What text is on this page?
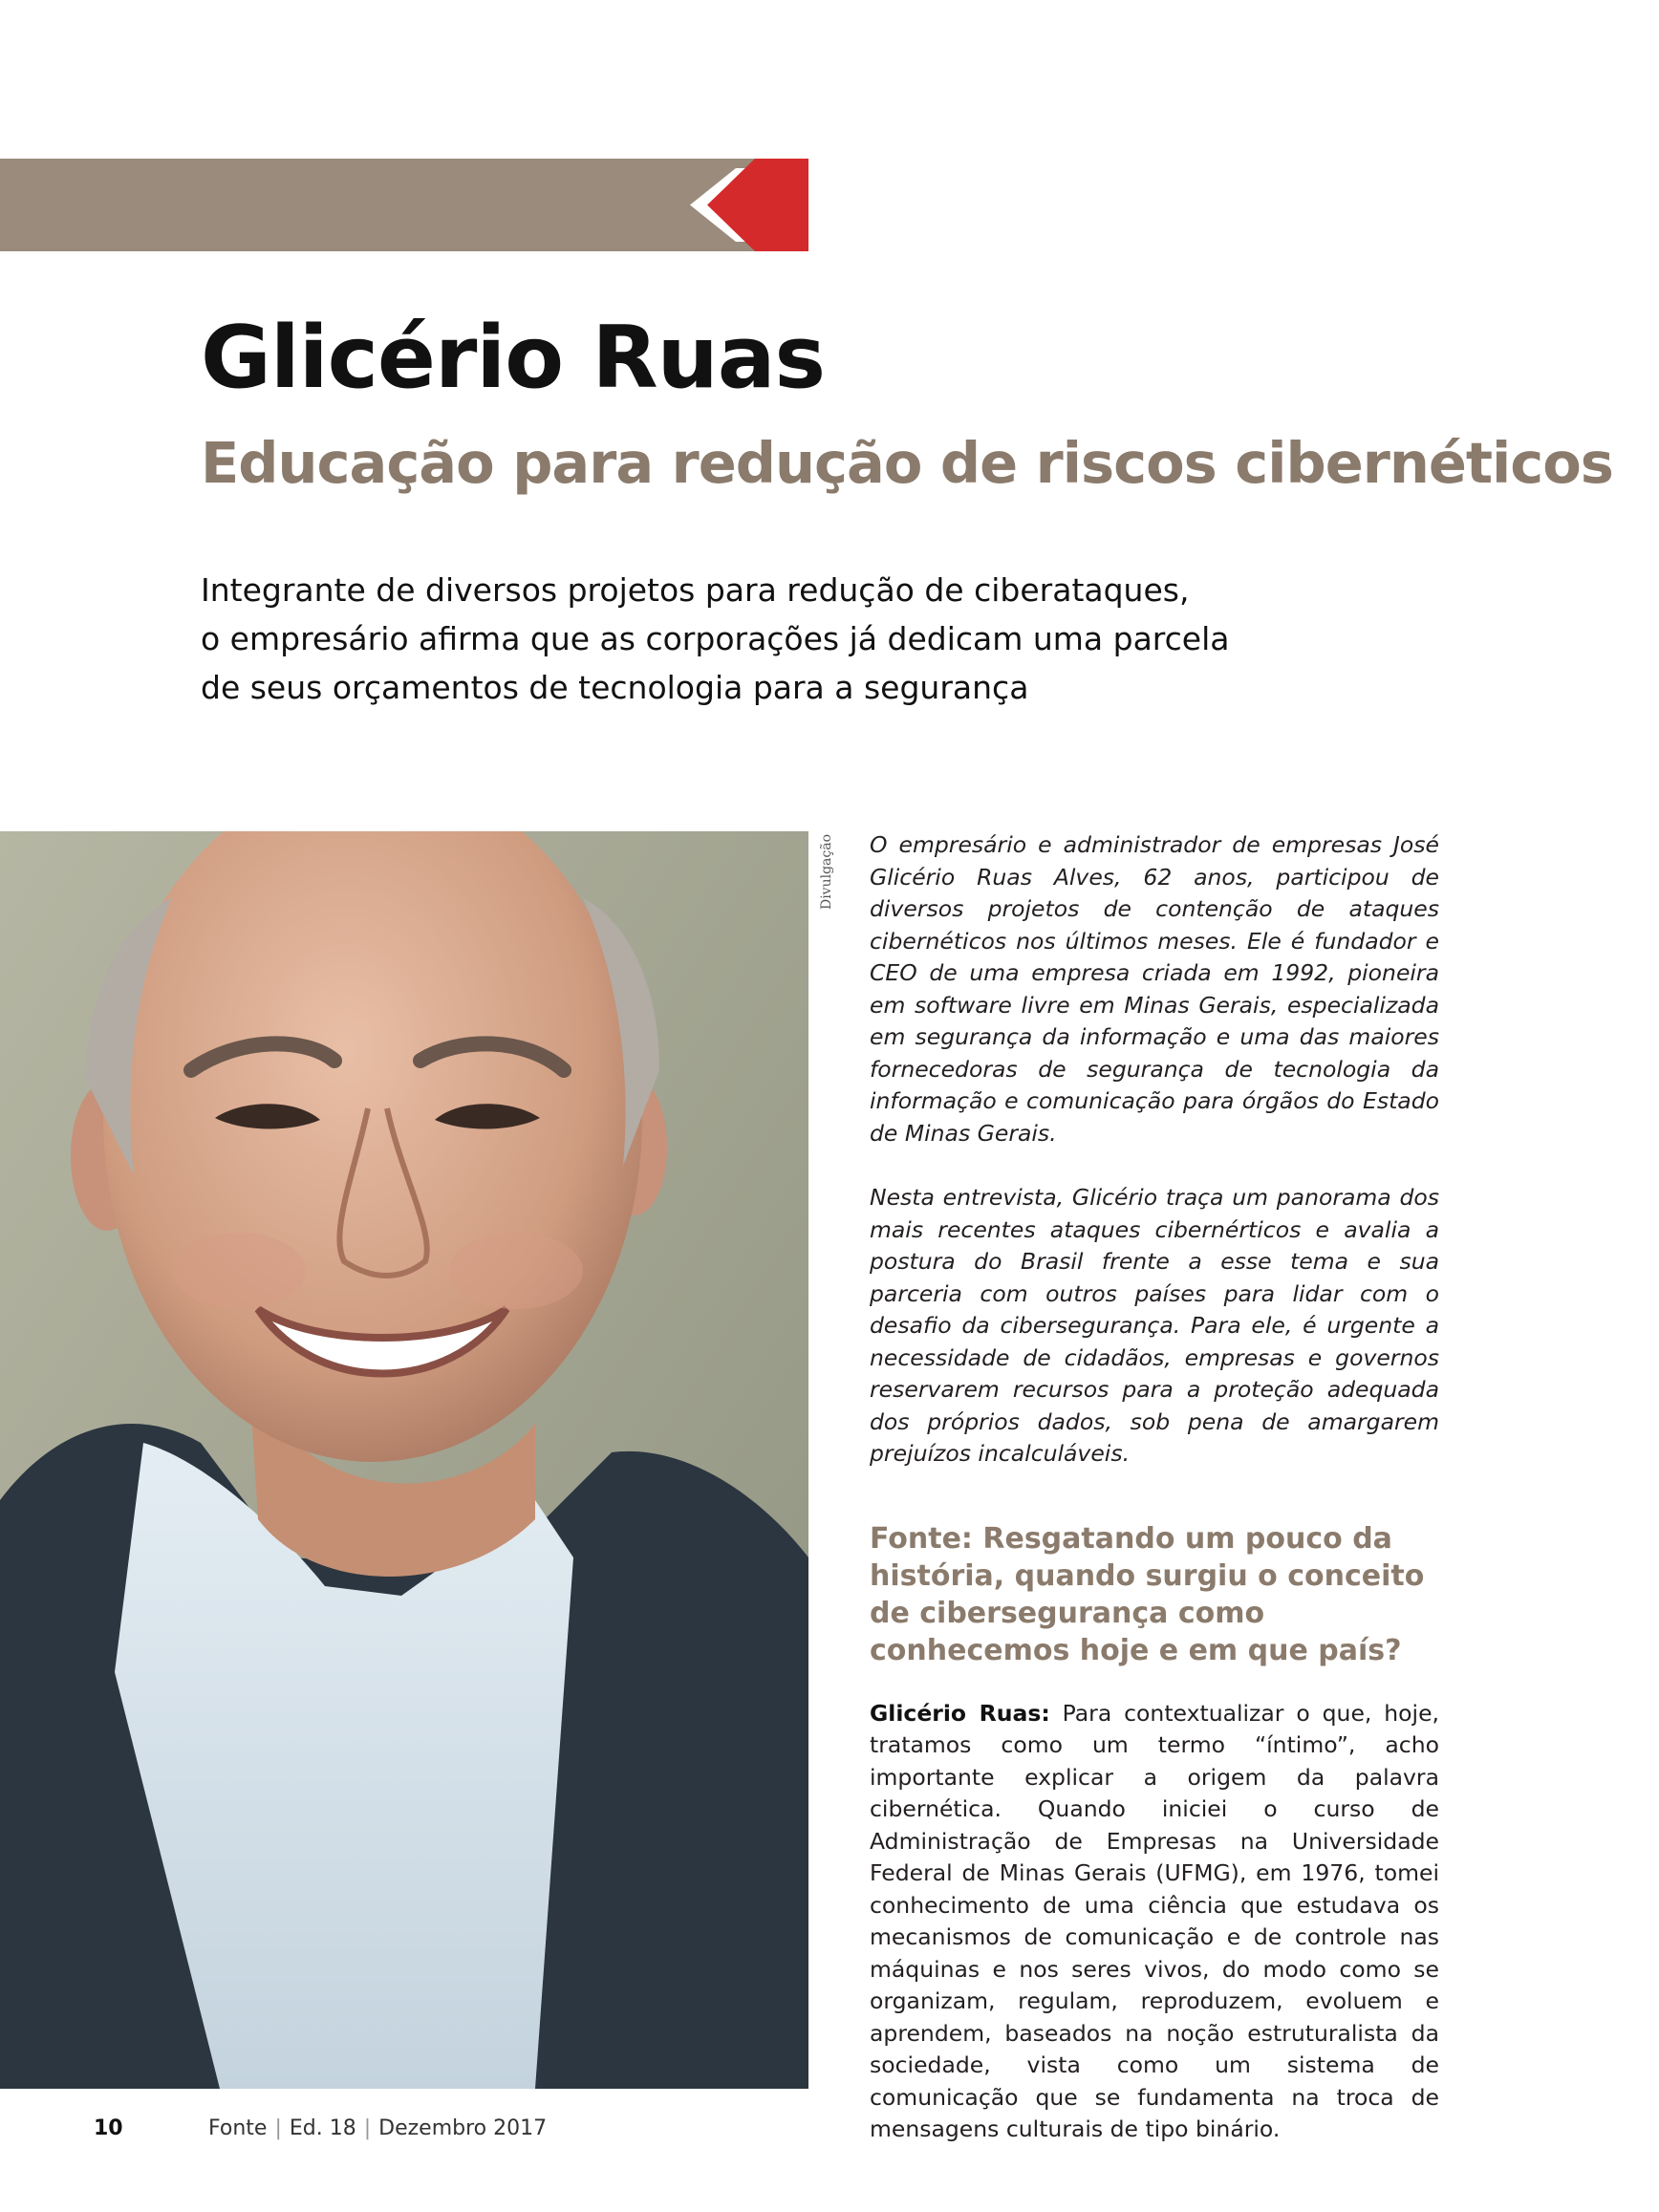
Glicério Ruas
Educação para redução de riscos cibernéticos
Integrante de diversos projetos para redução de ciberataques,
o empresário afirma que as corporações já dedicam uma parcela
de seus orçamentos de tecnologia para a segurança
Divulgação O empresário e administrador de empresas José Glicério Ruas Alves, 62 anos, participou de diversos projetos de contenção de ataques cibernéticos nos últimos meses. Ele é fundador e CEO de uma empresa criada em 1992, pioneira em software livre em Minas Gerais, especializada em segurança da informação e uma das maiores fornecedoras de segurança de tecnologia da informação e comunicação para órgãos do Estado de Minas Gerais.

Nesta entrevista, Glicério traça um panorama dos mais recentes ataques cibernérticos e avalia a postura do Brasil frente a esse tema e sua parceria com outros países para lidar com o desafio da cibersegurança. Para ele, é urgente a necessidade de cidadãos, empresas e governos reservarem recursos para a proteção adequada dos próprios dados, sob pena de amargarem prejuízos incalculáveis.

Fonte: Resgatando um pouco da história, quando surgiu o conceito de cibersegurança como conhecemos hoje e em que país?

Glicério Ruas: Para contextualizar o que, hoje, tratamos como um termo “íntimo”, acho importante explicar a origem da palavra cibernética. Quando iniciei o curso de Administração de Empresas na Universidade Federal de Minas Gerais (UFMG), em 1976, tomei conhecimento de uma ciência que estudava os mecanismos de comunicação e de controle nas máquinas e nos seres vivos, do modo como se organizam, regulam, reproduzem, evoluem e aprendem, baseados na noção estruturalista da sociedade, vista como um sistema de comunicação que se fundamenta na troca de mensagens culturais de tipo binário.

10	Fonte | Ed. 18 | Dezembro 2017
